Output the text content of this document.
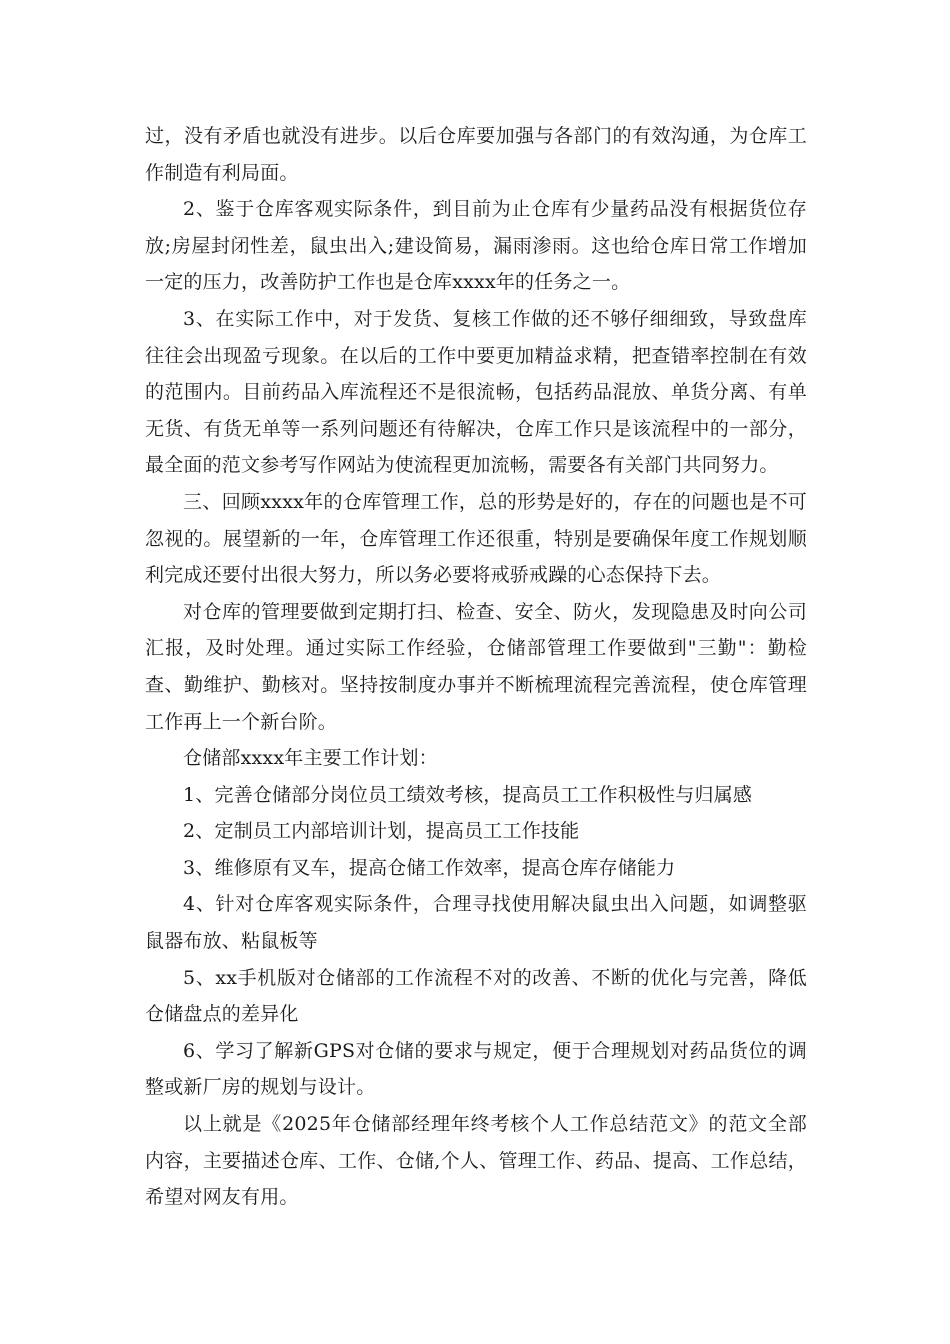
过，没有矛盾也就没有进步。以后仓库要加强与各部门的有效沟通，为仓库工作制造有利局面。

2、鉴于仓库客观实际条件，到目前为止仓库有少量药品没有根据货位存放;房屋封闭性差，鼠虫出入;建设简易，漏雨渗雨。这也给仓库日常工作增加一定的压力，改善防护工作也是仓库xxxx年的任务之一。

3、在实际工作中，对于发货、复核工作做的还不够仔细细致，导致盘库往往会出现盈亏现象。在以后的工作中要更加精益求精，把查错率控制在有效的范围内。目前药品入库流程还不是很流畅，包括药品混放、单货分离、有单无货、有货无单等一系列问题还有待解决，仓库工作只是该流程中的一部分，最全面的范文参考写作网站为使流程更加流畅，需要各有关部门共同努力。

三、回顾xxxx年的仓库管理工作，总的形势是好的，存在的问题也是不可忽视的。展望新的一年，仓库管理工作还很重，特别是要确保年度工作规划顺利完成还要付出很大努力，所以务必要将戒骄戒躁的心态保持下去。

对仓库的管理要做到定期打扫、检查、安全、防火，发现隐患及时向公司汇报，及时处理。通过实际工作经验，仓储部管理工作要做到"三勤"：勤检查、勤维护、勤核对。坚持按制度办事并不断梳理流程完善流程，使仓库管理工作再上一个新台阶。

仓储部xxxx年主要工作计划：

1、完善仓储部分岗位员工绩效考核，提高员工工作积极性与归属感

2、定制员工内部培训计划，提高员工工作技能

3、维修原有叉车，提高仓储工作效率，提高仓库存储能力

4、针对仓库客观实际条件，合理寻找使用解决鼠虫出入问题，如调整驱鼠器布放、粘鼠板等

5、xx手机版对仓储部的工作流程不对的改善、不断的优化与完善，降低仓储盘点的差异化

6、学习了解新GPS对仓储的要求与规定，便于合理规划对药品货位的调整或新厂房的规划与设计。

以上就是《2025年仓储部经理年终考核个人工作总结范文》的范文全部内容，主要描述仓库、工作、仓储,个人、管理工作、药品、提高、工作总结，希望对网友有用。
